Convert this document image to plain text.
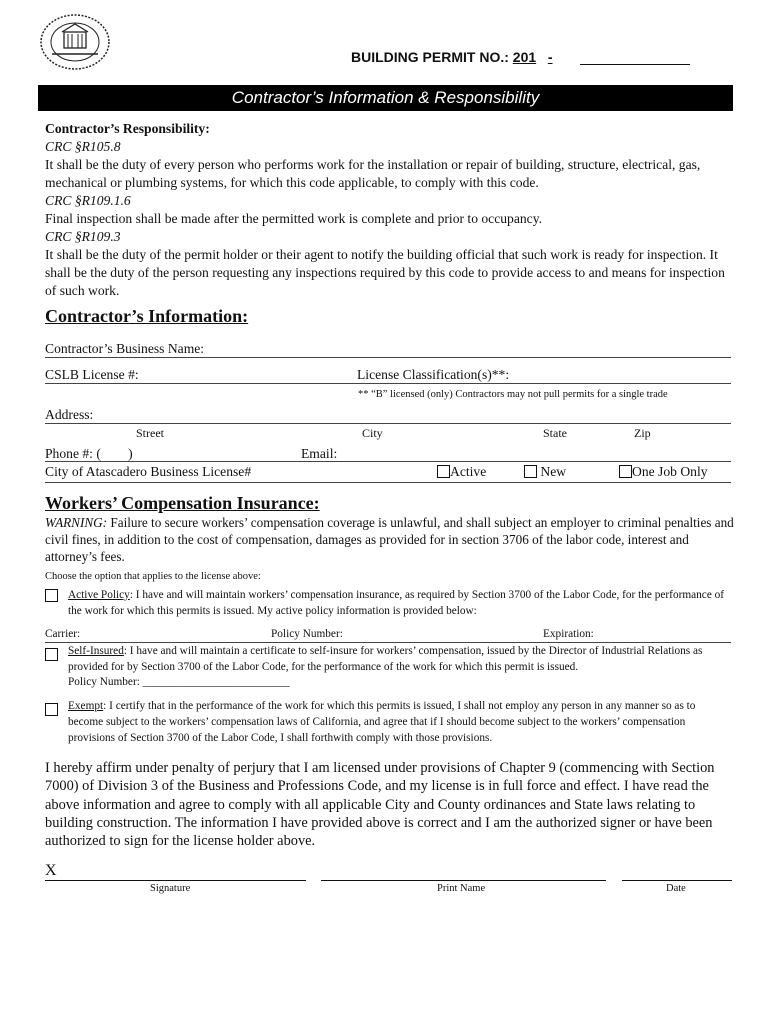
BUILDING PERMIT NO.: 201 -
Contractor’s Information & Responsibility
Contractor’s Responsibility:
CRC §R105.8
It shall be the duty of every person who performs work for the installation or repair of building, structure, electrical, gas, mechanical or plumbing systems, for which this code applicable, to comply with this code.
CRC §R109.1.6
Final inspection shall be made after the permitted work is complete and prior to occupancy.
CRC §R109.3
It shall be the duty of the permit holder or their agent to notify the building official that such work is ready for inspection. It shall be the duty of the person requesting any inspections required by this code to provide access to and means for inspection of such work.
Contractor’s Information:
Contractor’s Business Name:
CSLB License #:	License Classification(s)**:
** “B” licensed (only) Contractors may not pull permits for a single trade
Address:
Street	City	State	Zip
Phone #: (        )	Email:
City of Atascadero Business License#	Active	New	One Job Only
Workers’ Compensation Insurance:
WARNING: Failure to secure workers’ compensation coverage is unlawful, and shall subject an employer to criminal penalties and civil fines, in addition to the cost of compensation, damages as provided for in section 3706 of the labor code, interest and attorney’s fees.
Choose the option that applies to the license above:
Active Policy: I have and will maintain workers’ compensation insurance, as required by Section 3700 of the Labor Code, for the performance of the work for which this permits is issued. My active policy information is provided below:
Carrier:	Policy Number:	Expiration:
Self-Insured: I have and will maintain a certificate to self-insure for workers’ compensation, issued by the Director of Industrial Relations as provided for by Section 3700 of the Labor Code, for the performance of the work for which this permit is issued.
Policy Number: __________________________
Exempt: I certify that in the performance of the work for which this permits is issued, I shall not employ any person in any manner so as to become subject to the workers’ compensation laws of California, and agree that if I should become subject to the workers’ compensation provisions of Section 3700 of the Labor Code, I shall forthwith comply with those provisions.
I hereby affirm under penalty of perjury that I am licensed under provisions of Chapter 9 (commencing with Section 7000) of Division 3 of the Business and Professions Code, and my license is in full force and effect. I have read the above information and agree to comply with all applicable City and County ordinances and State laws relating to building construction. The information I have provided above is correct and I am the authorized signer or have been authorized to sign for the license holder above.
X
Signature	Print Name	Date
